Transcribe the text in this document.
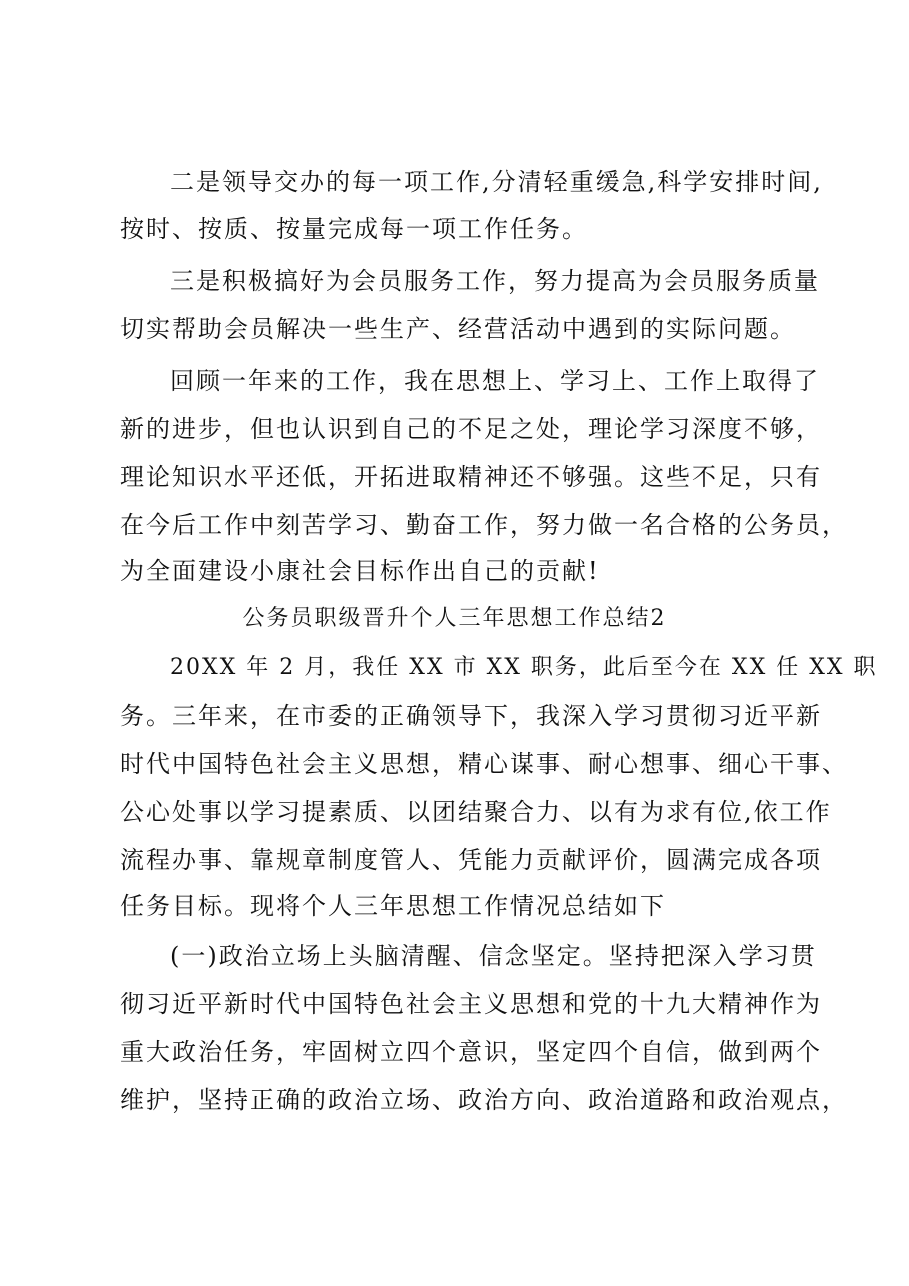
二是领导交办的每一项工作,分清轻重缓急,科学安排时间,
按时、按质、按量完成每一项工作任务。
三是积极搞好为会员服务工作，努力提高为会员服务质量
切实帮助会员解决一些生产、经营活动中遇到的实际问题。
回顾一年来的工作，我在思想上、学习上、工作上取得了
新的进步，但也认识到自己的不足之处，理论学习深度不够，
理论知识水平还低，开拓进取精神还不够强。这些不足，只有
在今后工作中刻苦学习、勤奋工作，努力做一名合格的公务员，
为全面建设小康社会目标作出自己的贡献!
公务员职级晋升个人三年思想工作总结2
20XX 年 2 月，我任 XX 市 XX 职务，此后至今在 XX 任 XX 职
务。三年来，在市委的正确领导下，我深入学习贯彻习近平新
时代中国特色社会主义思想，精心谋事、耐心想事、细心干事、
公心处事以学习提素质、以团结聚合力、以有为求有位,依工作
流程办事、靠规章制度管人、凭能力贡献评价，圆满完成各项
任务目标。现将个人三年思想工作情况总结如下
(一)政治立场上头脑清醒、信念坚定。坚持把深入学习贯
彻习近平新时代中国特色社会主义思想和党的十九大精神作为
重大政治任务，牢固树立四个意识，坚定四个自信，做到两个
维护，坚持正确的政治立场、政治方向、政治道路和政治观点，
